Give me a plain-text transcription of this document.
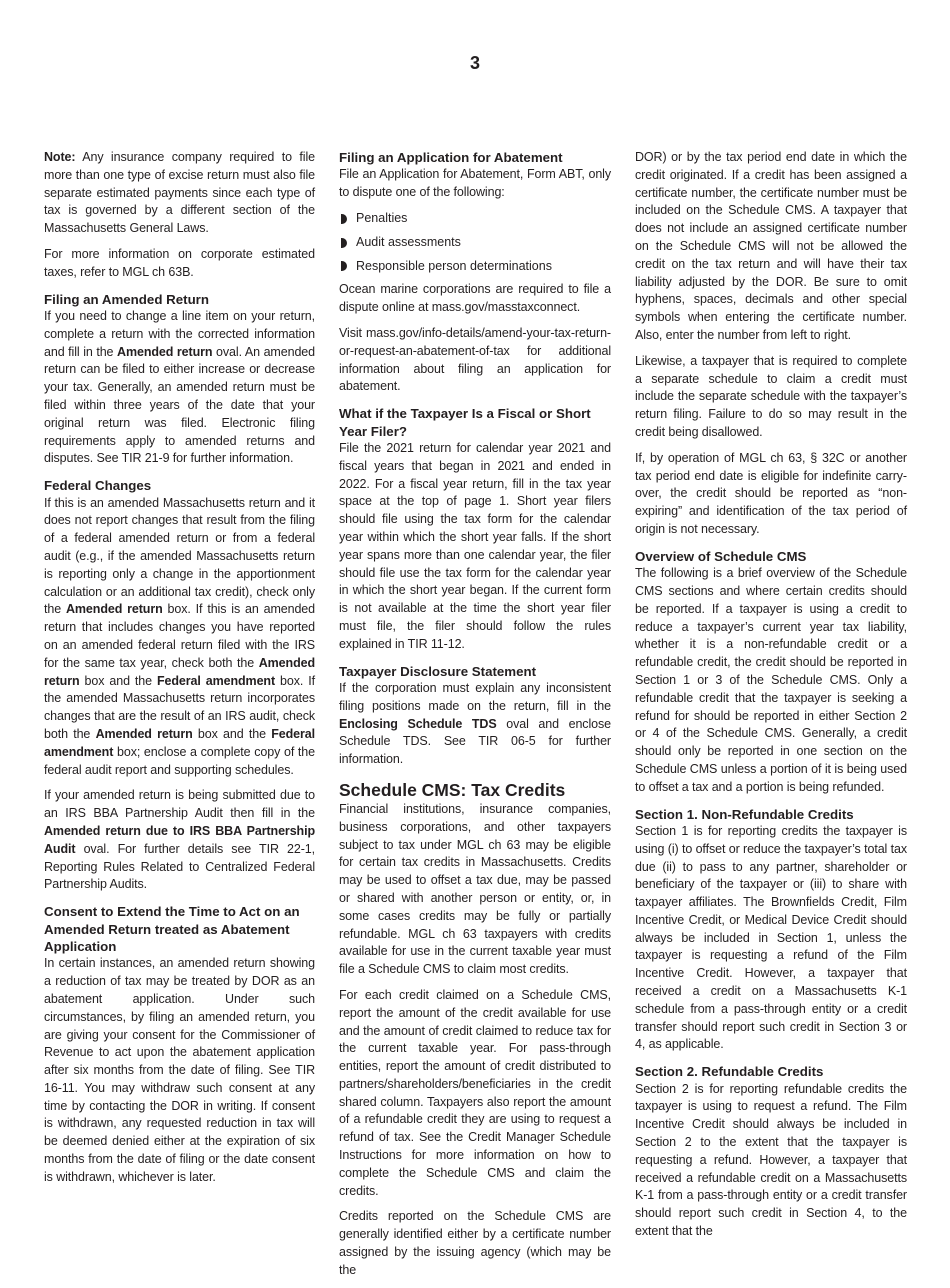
3

Note: Any insurance company required to file more than one type of excise return must also file separate estimated payments since each type of tax is governed by a different section of the Massachusetts General Laws.

For more information on corporate estimated taxes, refer to MGL ch 63B.

Filing an Amended Return

If you need to change a line item on your return, complete a return with the corrected information and fill in the Amended return oval. An amended return can be filed to either increase or decrease your tax. Generally, an amended return must be filed within three years of the date that your original return was filed. Electronic filing requirements apply to amended returns and disputes. See TIR 21-9 for further information.

Federal Changes

If this is an amended Massachusetts return and it does not report changes that result from the filing of a federal amended return or from a federal audit (e.g., if the amended Massachusetts return is reporting only a change in the apportionment calculation or an additional tax credit), check only the Amended return box. If this is an amended return that includes changes you have reported on an amended federal return filed with the IRS for the same tax year, check both the Amended return box and the Federal amendment box. If the amended Massachusetts return incorporates changes that are the result of an IRS audit, check both the Amended return box and the Federal amendment box; enclose a complete copy of the federal audit report and supporting schedules.

If your amended return is being submitted due to an IRS BBA Partnership Audit then fill in the Amended return due to IRS BBA Partnership Audit oval. For further details see TIR 22-1, Reporting Rules Related to Centralized Federal Partnership Audits.

Consent to Extend the Time to Act on an Amended Return treated as Abatement Application

In certain instances, an amended return showing a reduction of tax may be treated by DOR as an abatement application. Under such circumstances, by filing an amended return, you are giving your consent for the Commissioner of Revenue to act upon the abatement application after six months from the date of filing. See TIR 16-11. You may withdraw such consent at any time by contacting the DOR in writing. If consent is withdrawn, any requested reduction in tax will be deemed denied either at the expiration of six months from the date of filing or the date consent is withdrawn, whichever is later.

Filing an Application for Abatement

File an Application for Abatement, Form ABT, only to dispute one of the following:

Penalties
Audit assessments
Responsible person determinations

Ocean marine corporations are required to file a dispute online at mass.gov/masstaxconnect.

Visit mass.gov/info-details/amend-your-tax-return-or-request-an-abatement-of-tax for additional information about filing an application for abatement.

What if the Taxpayer Is a Fiscal or Short Year Filer?

File the 2021 return for calendar year 2021 and fiscal years that began in 2021 and ended in 2022. For a fiscal year return, fill in the tax year space at the top of page 1. Short year filers should file using the tax form for the calendar year within which the short year falls. If the short year spans more than one calendar year, the filer should file use the tax form for the calendar year in which the short year began. If the current form is not available at the time the short year filer must file, the filer should follow the rules explained in TIR 11-12.

Taxpayer Disclosure Statement

If the corporation must explain any inconsistent filing positions made on the return, fill in the Enclosing Schedule TDS oval and enclose Schedule TDS. See TIR 06-5 for further information.

Schedule CMS: Tax Credits

Financial institutions, insurance companies, business corporations, and other taxpayers subject to tax under MGL ch 63 may be eligible for certain tax credits in Massachusetts. Credits may be used to offset a tax due, may be passed or shared with another person or entity, or, in some cases credits may be fully or partially refundable. MGL ch 63 taxpayers with credits available for use in the current taxable year must file a Schedule CMS to claim most credits.

For each credit claimed on a Schedule CMS, report the amount of the credit available for use and the amount of credit claimed to reduce tax for the current taxable year. For pass-through entities, report the amount of credit distributed to partners/shareholders/beneficiaries in the credit shared column. Taxpayers also report the amount of a refundable credit they are using to request a refund of tax. See the Credit Manager Schedule Instructions for more information on how to complete the Schedule CMS and claim the credits.

Credits reported on the Schedule CMS are generally identified either by a certificate number assigned by the issuing agency (which may be the

DOR) or by the tax period end date in which the credit originated. If a credit has been assigned a certificate number, the certificate number must be included on the Schedule CMS. A taxpayer that does not include an assigned certificate number on the Schedule CMS will not be allowed the credit on the tax return and will have their tax liability adjusted by the DOR. Be sure to omit hyphens, spaces, decimals and other special symbols when entering the certificate number. Also, enter the number from left to right.

Likewise, a taxpayer that is required to complete a separate schedule to claim a credit must include the separate schedule with the taxpayer’s return filing. Failure to do so may result in the credit being disallowed.

If, by operation of MGL ch 63, § 32C or another tax period end date is eligible for indefinite carry-over, the credit should be reported as “non-expiring” and identification of the tax period of origin is not necessary.

Overview of Schedule CMS

The following is a brief overview of the Schedule CMS sections and where certain credits should be reported. If a taxpayer is using a credit to reduce a taxpayer’s current year tax liability, whether it is a non-refundable credit or a refundable credit, the credit should be reported in Section 1 or 3 of the Schedule CMS. Only a refundable credit that the taxpayer is seeking a refund for should be reported in either Section 2 or 4 of the Schedule CMS. Generally, a credit should only be reported in one section on the Schedule CMS unless a portion of it is being used to offset a tax and a portion is being refunded.

Section 1. Non-Refundable Credits

Section 1 is for reporting credits the taxpayer is using (i) to offset or reduce the taxpayer’s total tax due (ii) to pass to any partner, shareholder or beneficiary of the taxpayer or (iii) to share with taxpayer affiliates. The Brownfields Credit, Film Incentive Credit, or Medical Device Credit should always be included in Section 1, unless the taxpayer is requesting a refund of the Film Incentive Credit. However, a taxpayer that received a credit on a Massachusetts K-1 schedule from a pass-through entity or a credit transfer should report such credit in Section 3 or 4, as applicable.

Section 2. Refundable Credits

Section 2 is for reporting refundable credits the taxpayer is using to request a refund. The Film Incentive Credit should always be included in Section 2 to the extent that the taxpayer is requesting a refund. However, a taxpayer that received a refundable credit on a Massachusetts K-1 from a pass-through entity or a credit transfer should report such credit in Section 4, to the extent that the
